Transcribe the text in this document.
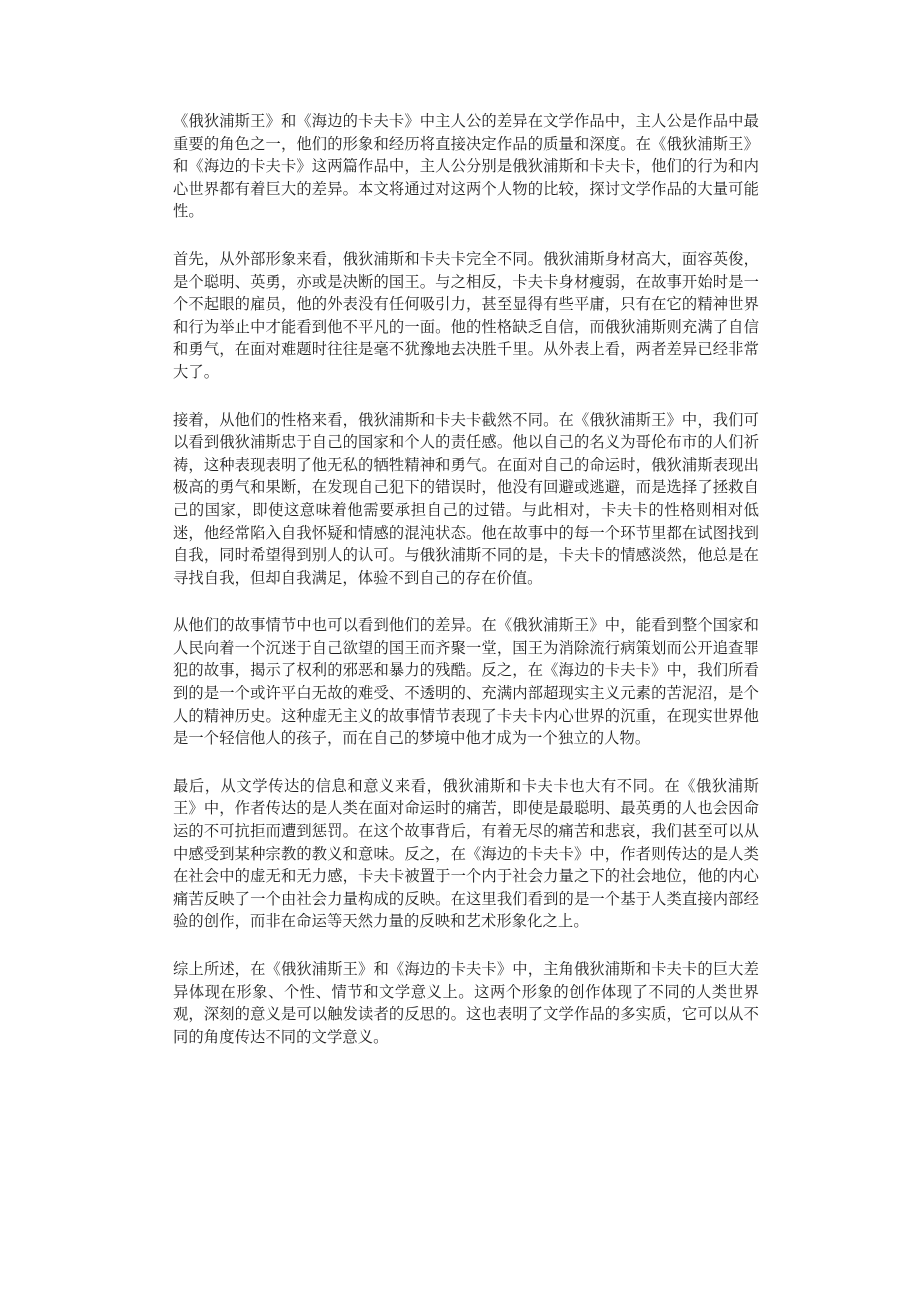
《俄狄浦斯王》和《海边的卡夫卡》中主人公的差异在文学作品中，主人公是作品中最重要的角色之一，他们的形象和经历将直接决定作品的质量和深度。在《俄狄浦斯王》和《海边的卡夫卡》这两篇作品中，主人公分别是俄狄浦斯和卡夫卡，他们的行为和内心世界都有着巨大的差异。本文将通过对这两个人物的比较，探讨文学作品的大量可能性。

首先，从外部形象来看，俄狄浦斯和卡夫卡完全不同。俄狄浦斯身材高大，面容英俊，是个聪明、英勇，亦或是决断的国王。与之相反，卡夫卡身材瘦弱，在故事开始时是一个不起眼的雇员，他的外表没有任何吸引力，甚至显得有些平庸，只有在它的精神世界和行为举止中才能看到他不平凡的一面。他的性格缺乏自信，而俄狄浦斯则充满了自信和勇气，在面对难题时往往是毫不犹豫地去决胜千里。从外表上看，两者差异已经非常大了。

接着，从他们的性格来看，俄狄浦斯和卡夫卡截然不同。在《俄狄浦斯王》中，我们可以看到俄狄浦斯忠于自己的国家和个人的责任感。他以自己的名义为哥伦布市的人们祈祷，这种表现表明了他无私的牺牲精神和勇气。在面对自己的命运时，俄狄浦斯表现出极高的勇气和果断，在发现自己犯下的错误时，他没有回避或逃避，而是选择了拯救自己的国家，即使这意味着他需要承担自己的过错。与此相对，卡夫卡的性格则相对低迷，他经常陷入自我怀疑和情感的混沌状态。他在故事中的每一个环节里都在试图找到自我，同时希望得到别人的认可。与俄狄浦斯不同的是，卡夫卡的情感淡然，他总是在寻找自我，但却自我满足，体验不到自己的存在价值。

从他们的故事情节中也可以看到他们的差异。在《俄狄浦斯王》中，能看到整个国家和人民向着一个沉迷于自己欲望的国王而齐聚一堂，国王为消除流行病策划而公开追查罪犯的故事，揭示了权利的邪恶和暴力的残酷。反之，在《海边的卡夫卡》中，我们所看到的是一个或许平白无故的难受、不透明的、充满内部超现实主义元素的苦泥沼，是个人的精神历史。这种虚无主义的故事情节表现了卡夫卡内心世界的沉重，在现实世界他是一个轻信他人的孩子，而在自己的梦境中他才成为一个独立的人物。

最后，从文学传达的信息和意义来看，俄狄浦斯和卡夫卡也大有不同。在《俄狄浦斯王》中，作者传达的是人类在面对命运时的痛苦，即使是最聪明、最英勇的人也会因命运的不可抗拒而遭到惩罚。在这个故事背后，有着无尽的痛苦和悲哀，我们甚至可以从中感受到某种宗教的教义和意味。反之，在《海边的卡夫卡》中，作者则传达的是人类在社会中的虚无和无力感，卡夫卡被置于一个内于社会力量之下的社会地位，他的内心痛苦反映了一个由社会力量构成的反映。在这里我们看到的是一个基于人类直接内部经验的创作，而非在命运等天然力量的反映和艺术形象化之上。

综上所述，在《俄狄浦斯王》和《海边的卡夫卡》中，主角俄狄浦斯和卡夫卡的巨大差异体现在形象、个性、情节和文学意义上。这两个形象的创作体现了不同的人类世界观，深刻的意义是可以触发读者的反思的。这也表明了文学作品的多实质，它可以从不同的角度传达不同的文学意义。
